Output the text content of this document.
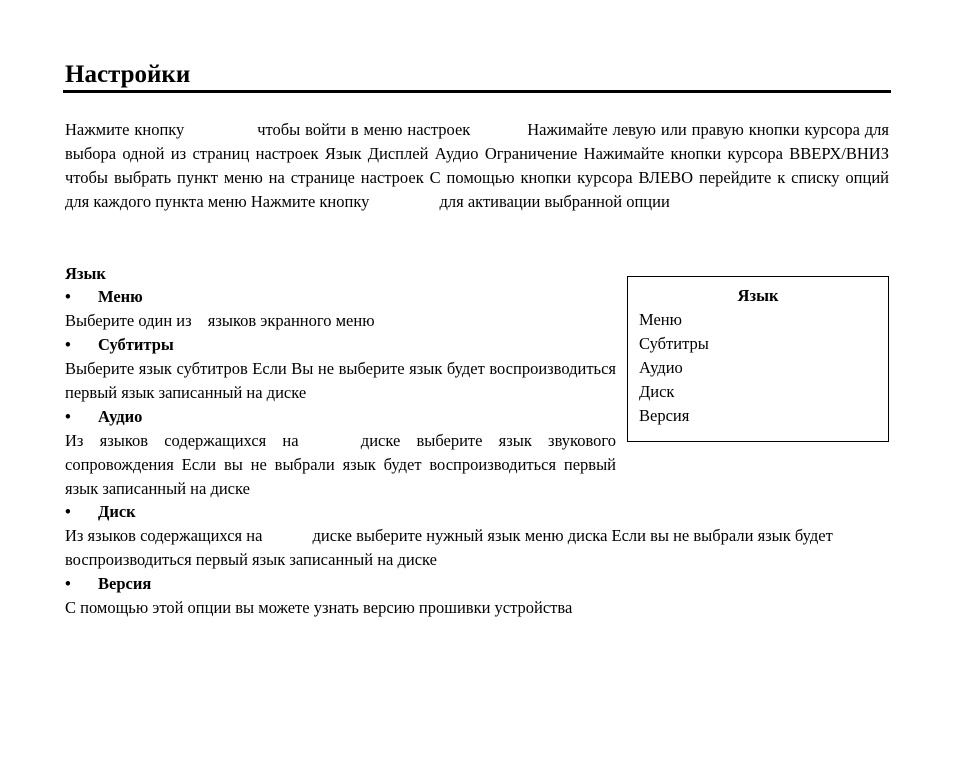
Настройки

Нажмите кнопку	чтобы войти в меню настроек	Нажимайте левую или правую кнопки курсора для выбора одной из страниц настроек Язык Дисплей Аудио Ограничение Нажимайте кнопки курсора ВВЕРХ/ВНИЗ чтобы выбрать пункт меню на странице настроек С помощью кнопки курсора ВЛЕВО перейдите к списку опций для каждого пункта меню Нажмите кнопку	для активации выбранной опции

Язык
• Меню

Выберите один из языков экранного меню

• Субтитры

Выберите язык субтитров Если Вы не выберите язык будет воспроизводиться первый язык записанный на диске

• Аудио

Из языков содержащихся на	диске выберите язык звукового сопровождения Если вы не выбрали язык будет воспроизводиться первый язык записанный на диске

• Диск

Из языков содержащихся на	диске выберите нужный язык меню диска Если вы не выбрали язык будет воспроизводиться первый язык записанный на диске

• Версия

С помощью этой опции вы можете узнать версию прошивки устройства

Язык
Меню
Субтитры
Аудио
Диск
Версия
